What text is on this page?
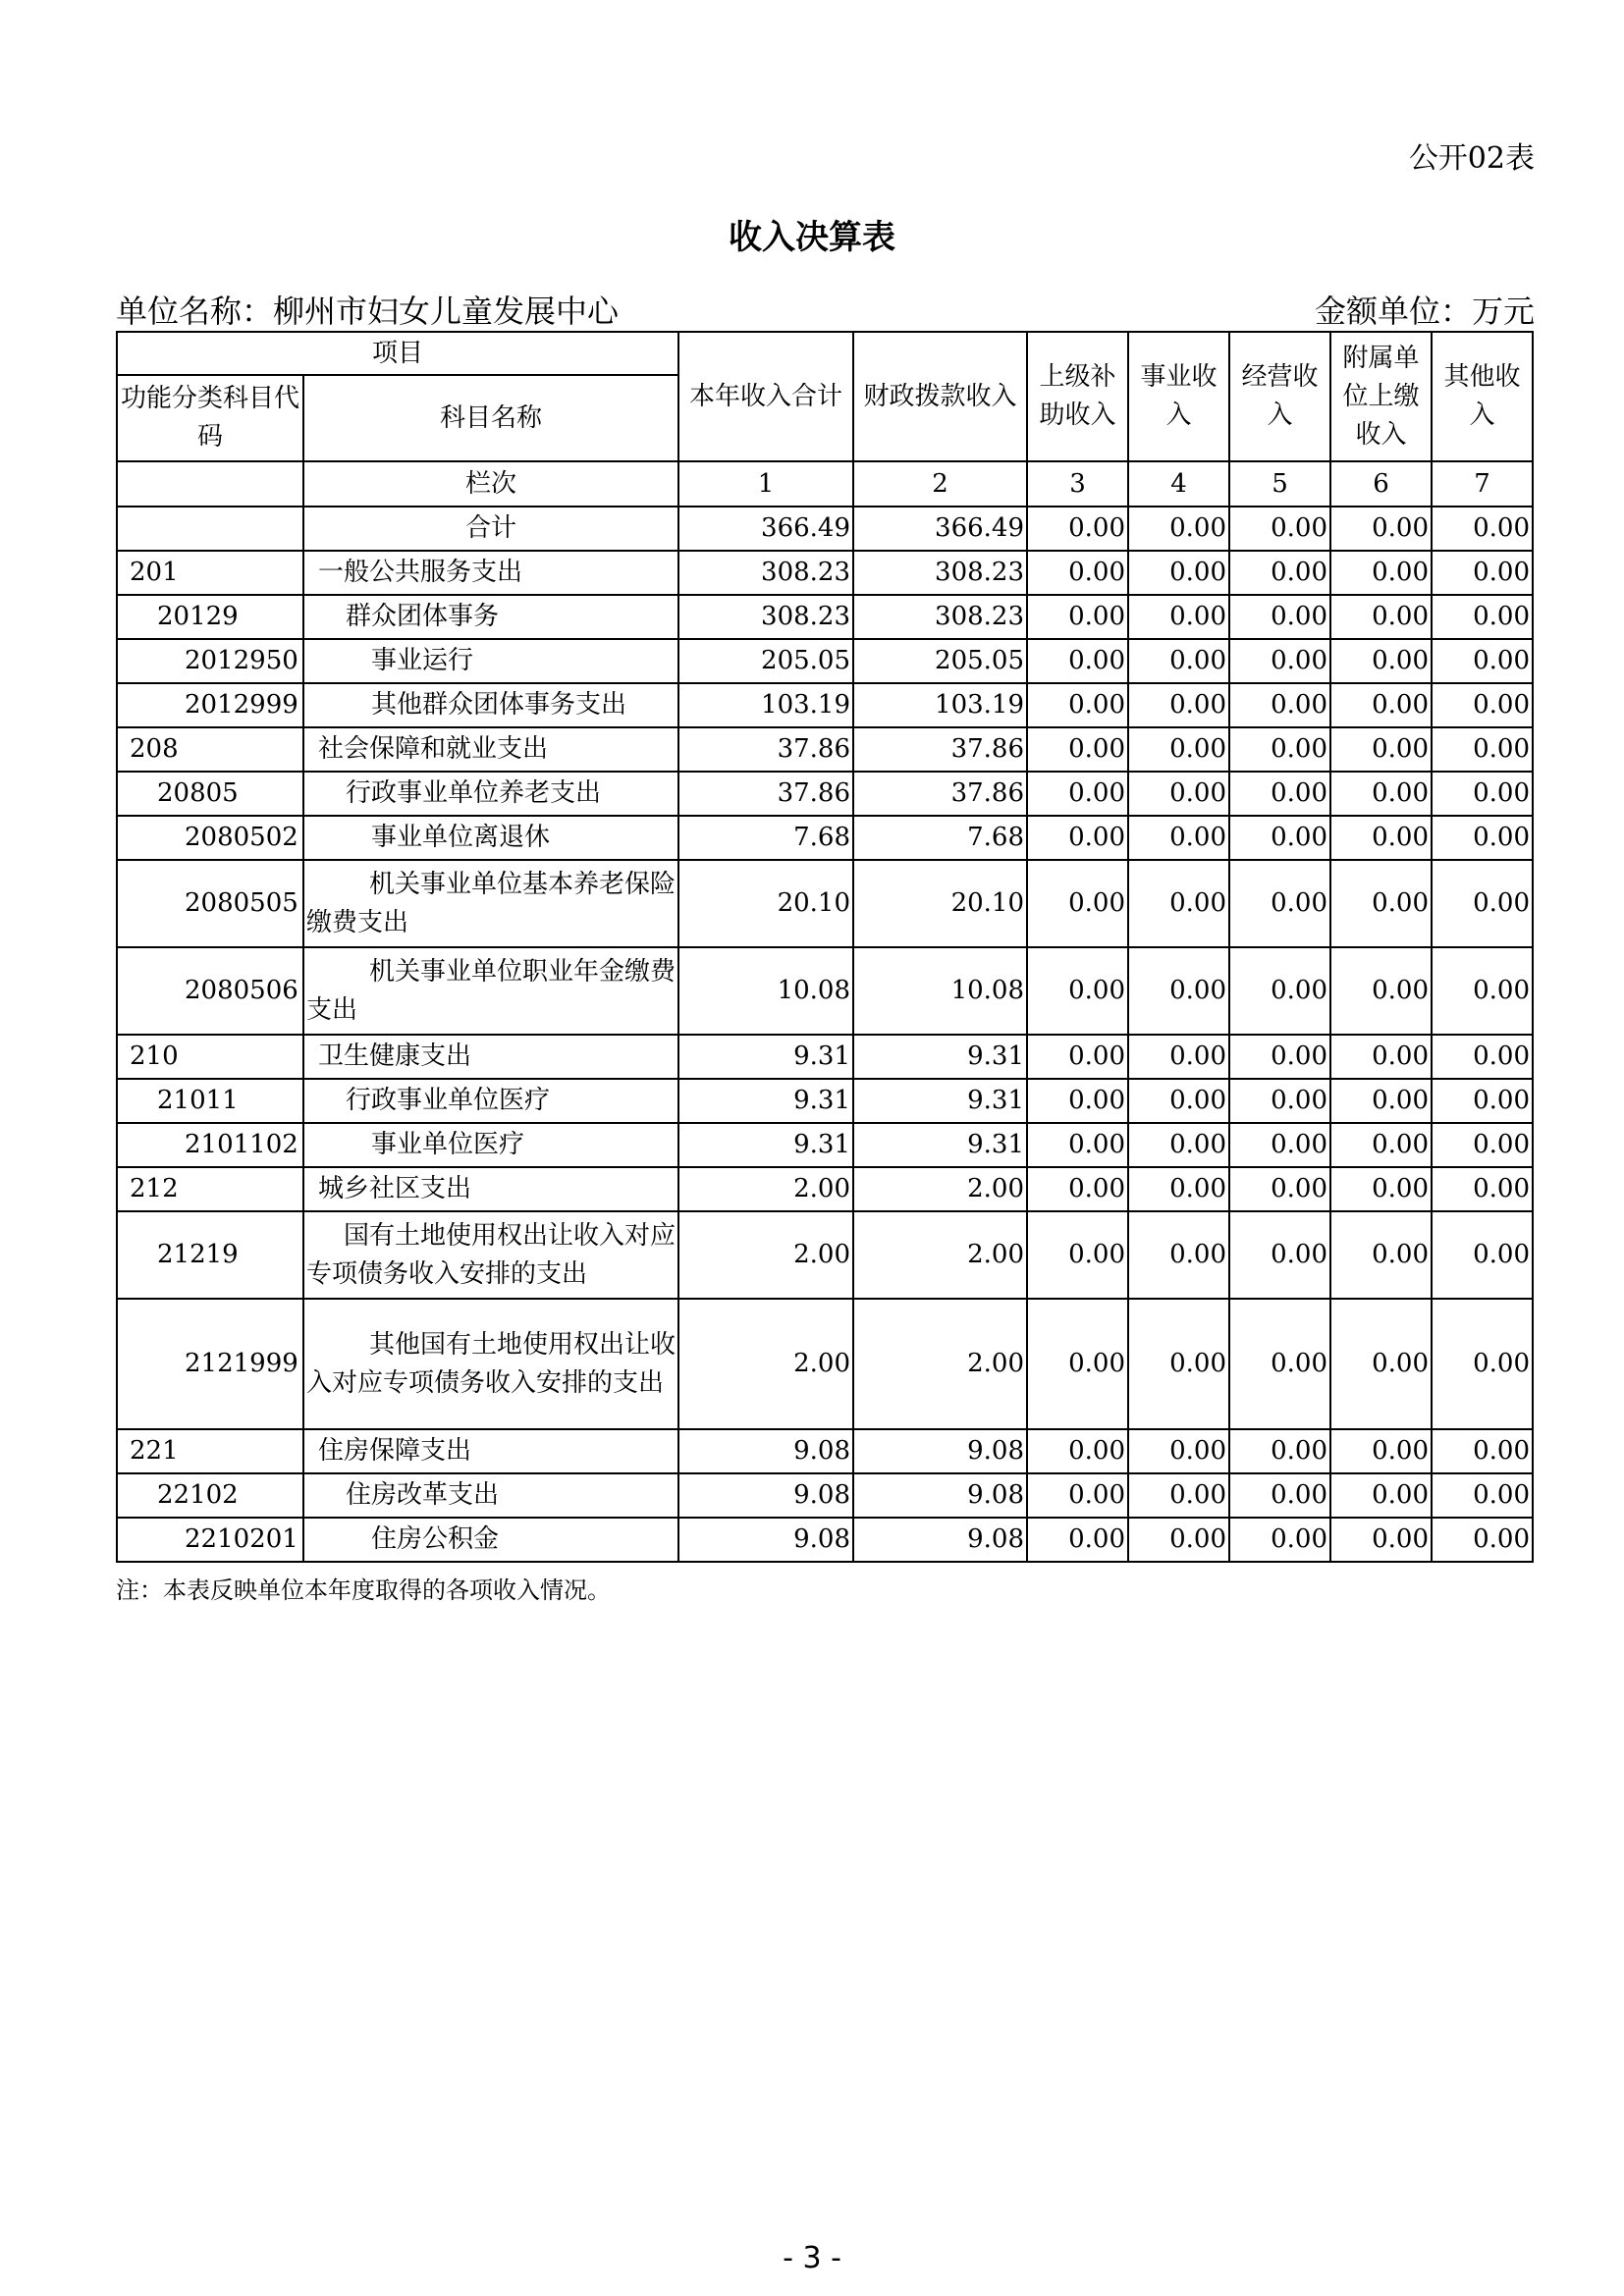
公开02表
收入决算表
单位名称：柳州市妇女儿童发展中心	金额单位：万元
项目		本年收入合计	财政拨款收入	上级补助收入	事业收入	经营收入	附属单位上缴收入	其他收入
功能分类科目代码	科目名称							
	栏次	1	2	3	4	5	6	7
	合计	366.49	366.49	0.00	0.00	0.00	0.00	0.00
201	一般公共服务支出	308.23	308.23	0.00	0.00	0.00	0.00	0.00
20129	群众团体事务	308.23	308.23	0.00	0.00	0.00	0.00	0.00
2012950	事业运行	205.05	205.05	0.00	0.00	0.00	0.00	0.00
2012999	其他群众团体事务支出	103.19	103.19	0.00	0.00	0.00	0.00	0.00
208	社会保障和就业支出	37.86	37.86	0.00	0.00	0.00	0.00	0.00
20805	行政事业单位养老支出	37.86	37.86	0.00	0.00	0.00	0.00	0.00
2080502	事业单位离退休	7.68	7.68	0.00	0.00	0.00	0.00	0.00
2080505	机关事业单位基本养老保险缴费支出	20.10	20.10	0.00	0.00	0.00	0.00	0.00
2080506	机关事业单位职业年金缴费支出	10.08	10.08	0.00	0.00	0.00	0.00	0.00
210	卫生健康支出	9.31	9.31	0.00	0.00	0.00	0.00	0.00
21011	行政事业单位医疗	9.31	9.31	0.00	0.00	0.00	0.00	0.00
2101102	事业单位医疗	9.31	9.31	0.00	0.00	0.00	0.00	0.00
212	城乡社区支出	2.00	2.00	0.00	0.00	0.00	0.00	0.00
21219	国有土地使用权出让收入对应专项债务收入安排的支出	2.00	2.00	0.00	0.00	0.00	0.00	0.00
2121999	其他国有土地使用权出让收入对应专项债务收入安排的支出	2.00	2.00	0.00	0.00	0.00	0.00	0.00
221	住房保障支出	9.08	9.08	0.00	0.00	0.00	0.00	0.00
22102	住房改革支出	9.08	9.08	0.00	0.00	0.00	0.00	0.00
2210201	住房公积金	9.08	9.08	0.00	0.00	0.00	0.00	0.00
注：本表反映单位本年度取得的各项收入情况。
- 3 -
